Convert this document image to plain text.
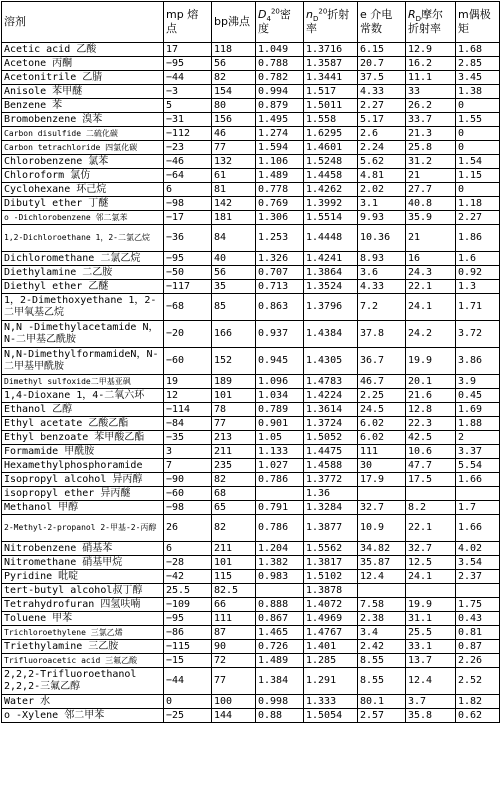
溶剂	mp 熔点	bp沸点	$D_4^{20}$密度	$n_D^{20}$折射率	e 介电常数	$R_D$摩尔折射率	m偶极矩
Acetic acid 乙酸	17	118	1.049	1.3716	6.15	12.9	1.68
Acetone 丙酮	−95	56	0.788	1.3587	20.7	16.2	2.85
Acetonitrile 乙腈	−44	82	0.782	1.3441	37.5	11.1	3.45
Anisole 苯甲醚	−3	154	0.994	1.517	4.33	33	1.38
Benzene 苯	5	80	0.879	1.5011	2.27	26.2	0
Bromobenzene 溴苯	−31	156	1.495	1.558	5.17	33.7	1.55
Carbon disulfide 二硫化碳	−112	46	1.274	1.6295	2.6	21.3	0
Carbon tetrachloride 四氯化碳	−23	77	1.594	1.4601	2.24	25.8	0
Chlorobenzene 氯苯	−46	132	1.106	1.5248	5.62	31.2	1.54
Chloroform 氯仿	−64	61	1.489	1.4458	4.81	21	1.15
Cyclohexane 环己烷	6	81	0.778	1.4262	2.02	27.7	0
Dibutyl ether 丁醚	−98	142	0.769	1.3992	3.1	40.8	1.18
o -Dichlorobenzene 邻二氯苯	−17	181	1.306	1.5514	9.93	35.9	2.27
1,2-Dichloroethane 1，2-二氯乙烷	−36	84	1.253	1.4448	10.36	21	1.86
Dichloromethane 二氯乙烷	−95	40	1.326	1.4241	8.93	16	1.6
Diethylamine 二乙胺	−50	56	0.707	1.3864	3.6	24.3	0.92
Diethyl ether 乙醚	−117	35	0.713	1.3524	4.33	22.1	1.3
1，2-Dimethoxyethane 1，2-二甲氧基乙烷	−68	85	0.863	1.3796	7.2	24.1	1.71
N,N -Dimethylacetamide N，N-二甲基乙酰胺	−20	166	0.937	1.4384	37.8	24.2	3.72
N,N-DimethylformamideN，N-二甲基甲酰胺	−60	152	0.945	1.4305	36.7	19.9	3.86
Dimethyl sulfoxide二甲基亚砜	19	189	1.096	1.4783	46.7	20.1	3.9
1,4-Dioxane 1，4-二氧六环	12	101	1.034	1.4224	2.25	21.6	0.45
Ethanol 乙醇	−114	78	0.789	1.3614	24.5	12.8	1.69
Ethyl acetate 乙酸乙酯	−84	77	0.901	1.3724	6.02	22.3	1.88
Ethyl benzoate 苯甲酸乙酯	−35	213	1.05	1.5052	6.02	42.5	2
Formamide 甲酰胺	3	211	1.133	1.4475	111	10.6	3.37
Hexamethylphosphoramide	7	235	1.027	1.4588	30	47.7	5.54
Isopropyl alcohol 异丙醇	−90	82	0.786	1.3772	17.9	17.5	1.66
isopropyl ether 异丙醚	−60	68		1.36			
Methanol 甲醇	−98	65	0.791	1.3284	32.7	8.2	1.7
2-Methyl-2-propanol 2-甲基-2-丙醇	26	82	0.786	1.3877	10.9	22.1	1.66
Nitrobenzene 硝基苯	6	211	1.204	1.5562	34.82	32.7	4.02
Nitromethane 硝基甲烷	−28	101	1.382	1.3817	35.87	12.5	3.54
Pyridine 吡啶	−42	115	0.983	1.5102	12.4	24.1	2.37
tert-butyl alcohol叔丁醇	25.5	82.5		1.3878			
Tetrahydrofuran 四氢呋喃	−109	66	0.888	1.4072	7.58	19.9	1.75
Toluene 甲苯	−95	111	0.867	1.4969	2.38	31.1	0.43
Trichloroethylene 三氯乙烯	−86	87	1.465	1.4767	3.4	25.5	0.81
Triethylamine 三乙胺	−115	90	0.726	1.401	2.42	33.1	0.87
Trifluoroacetic acid 三氟乙酸	−15	72	1.489	1.285	8.55	13.7	2.26
2,2,2-Trifluoroethanol 2,2,2-三氟乙醇	−44	77	1.384	1.291	8.55	12.4	2.52
Water 水	0	100	0.998	1.333	80.1	3.7	1.82
o -Xylene 邻二甲苯	−25	144	0.88	1.5054	2.57	35.8	0.62
